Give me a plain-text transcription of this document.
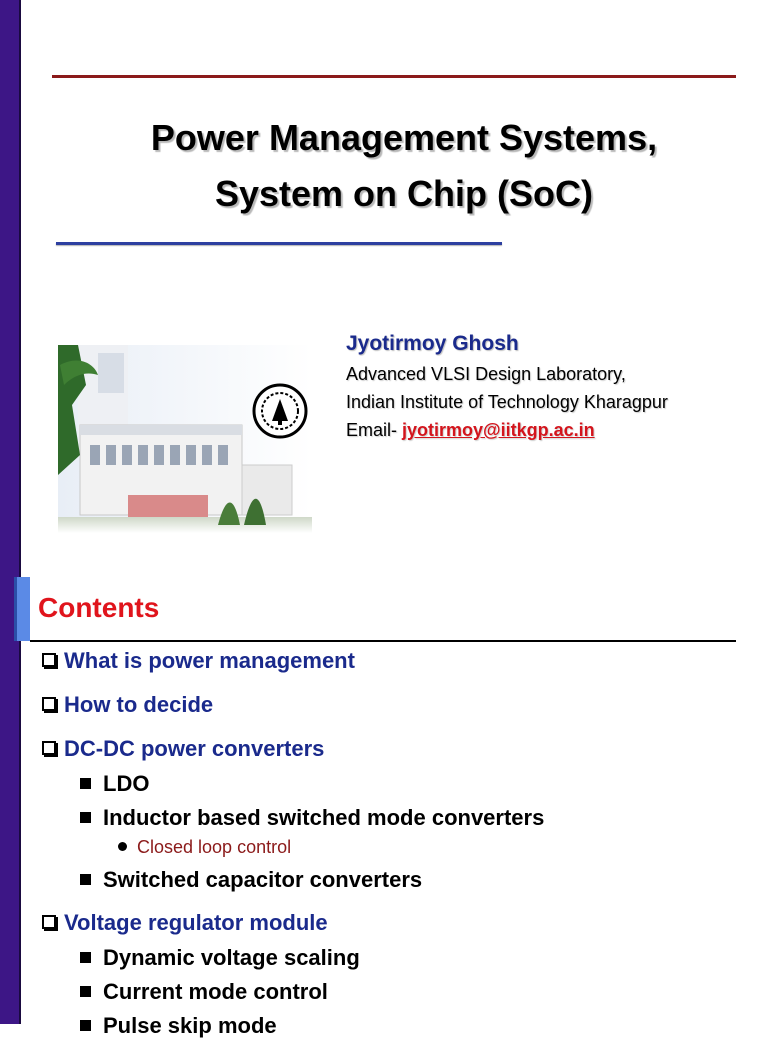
Power Management Systems,
System on Chip (SoC)
Jyotirmoy Ghosh
Advanced VLSI Design Laboratory,
Indian Institute of Technology Kharagpur
Email- jyotirmoy@iitkgp.ac.in
Contents
What is power management
How to decide
DC-DC power converters
LDO
Inductor based switched mode converters
Closed loop control
Switched capacitor converters
Voltage regulator module
Dynamic voltage scaling
Current mode control
Pulse skip mode
